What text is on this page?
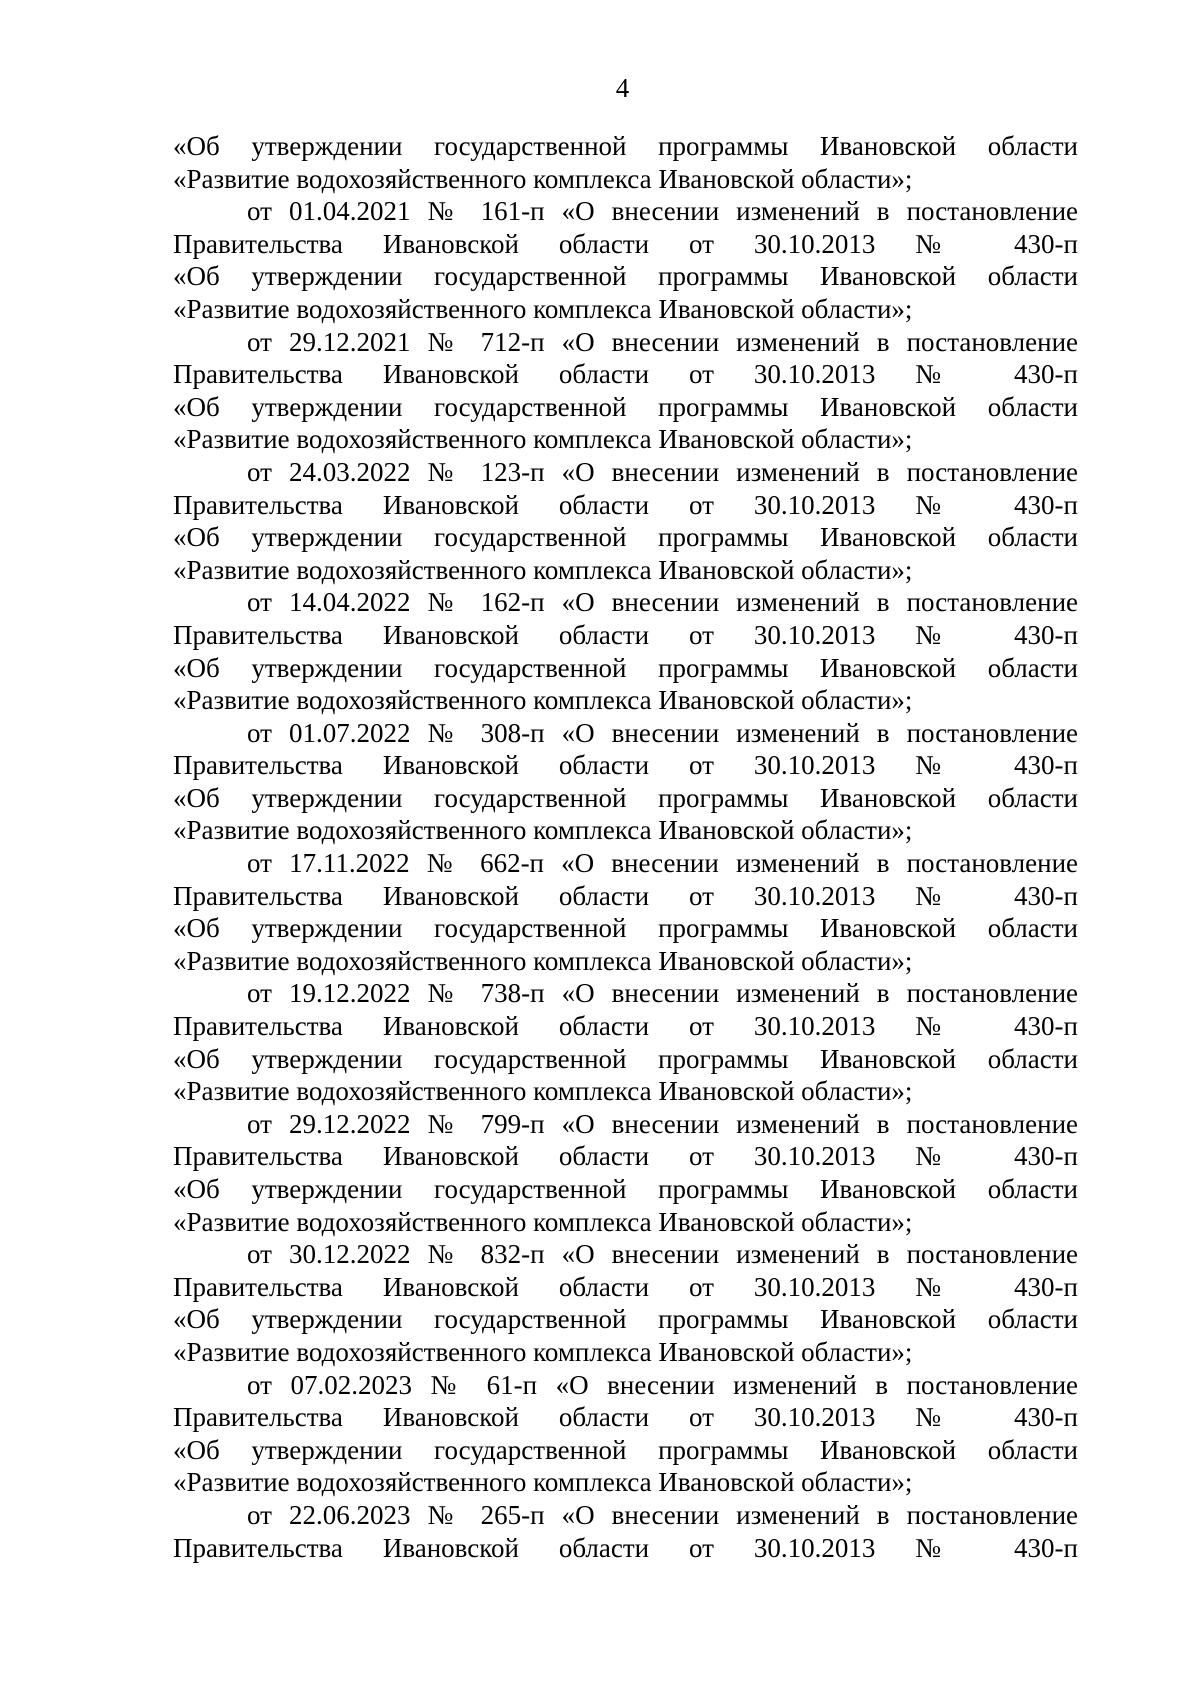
4
«Об утверждении государственной программы Ивановской области
«Развитие водохозяйственного комплекса Ивановской области»;
от 01.04.2021 № 161-п «О внесении изменений в постановление
Правительства Ивановской области от 30.10.2013 № 430-п
«Об утверждении государственной программы Ивановской области
«Развитие водохозяйственного комплекса Ивановской области»;
от 29.12.2021 № 712-п «О внесении изменений в постановление
Правительства Ивановской области от 30.10.2013 № 430-п
«Об утверждении государственной программы Ивановской области
«Развитие водохозяйственного комплекса Ивановской области»;
от 24.03.2022 № 123-п «О внесении изменений в постановление
Правительства Ивановской области от 30.10.2013 № 430-п
«Об утверждении государственной программы Ивановской области
«Развитие водохозяйственного комплекса Ивановской области»;
от 14.04.2022 № 162-п «О внесении изменений в постановление
Правительства Ивановской области от 30.10.2013 № 430-п
«Об утверждении государственной программы Ивановской области
«Развитие водохозяйственного комплекса Ивановской области»;
от 01.07.2022 № 308-п «О внесении изменений в постановление
Правительства Ивановской области от 30.10.2013 № 430-п
«Об утверждении государственной программы Ивановской области
«Развитие водохозяйственного комплекса Ивановской области»;
от 17.11.2022 № 662-п «О внесении изменений в постановление
Правительства Ивановской области от 30.10.2013 № 430-п
«Об утверждении государственной программы Ивановской области
«Развитие водохозяйственного комплекса Ивановской области»;
от 19.12.2022 № 738-п «О внесении изменений в постановление
Правительства Ивановской области от 30.10.2013 № 430-п
«Об утверждении государственной программы Ивановской области
«Развитие водохозяйственного комплекса Ивановской области»;
от 29.12.2022 № 799-п «О внесении изменений в постановление
Правительства Ивановской области от 30.10.2013 № 430-п
«Об утверждении государственной программы Ивановской области
«Развитие водохозяйственного комплекса Ивановской области»;
от 30.12.2022 № 832-п «О внесении изменений в постановление
Правительства Ивановской области от 30.10.2013 № 430-п
«Об утверждении государственной программы Ивановской области
«Развитие водохозяйственного комплекса Ивановской области»;
от 07.02.2023 № 61-п «О внесении изменений в постановление
Правительства Ивановской области от 30.10.2013 № 430-п
«Об утверждении государственной программы Ивановской области
«Развитие водохозяйственного комплекса Ивановской области»;
от 22.06.2023 № 265-п «О внесении изменений в постановление
Правительства Ивановской области от 30.10.2013 № 430-п
